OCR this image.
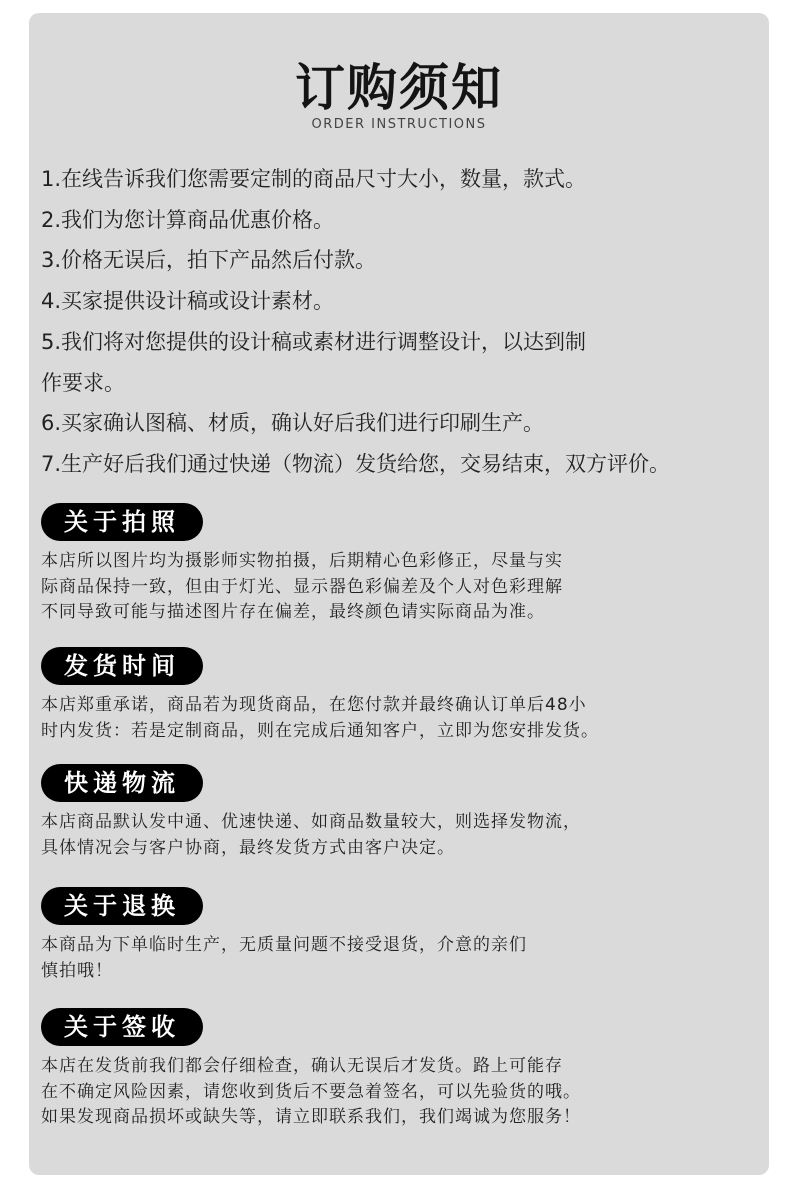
订购须知
ORDER INSTRUCTIONS
1.在线告诉我们您需要定制的商品尺寸大小，数量，款式。
2.我们为您计算商品优惠价格。
3.价格无误后，拍下产品然后付款。
4.买家提供设计稿或设计素材。
5.我们将对您提供的设计稿或素材进行调整设计，以达到制
作要求。
6.买家确认图稿、材质，确认好后我们进行印刷生产。
7.生产好后我们通过快递（物流）发货给您，交易结束，双方评价。
关于拍照
本店所以图片均为摄影师实物拍摄，后期精心色彩修正，尽量与实
际商品保持一致，但由于灯光、显示器色彩偏差及个人对色彩理解
不同导致可能与描述图片存在偏差，最终颜色请实际商品为准。
发货时间
本店郑重承诺，商品若为现货商品，在您付款并最终确认订单后48小
时内发货：若是定制商品，则在完成后通知客户，立即为您安排发货。
快递物流
本店商品默认发中通、优速快递、如商品数量较大，则选择发物流，
具体情况会与客户协商，最终发货方式由客户决定。
关于退换
本商品为下单临时生产，无质量问题不接受退货，介意的亲们
慎拍哦！
关于签收
本店在发货前我们都会仔细检查，确认无误后才发货。路上可能存
在不确定风险因素，请您收到货后不要急着签名，可以先验货的哦。
如果发现商品损坏或缺失等，请立即联系我们，我们竭诚为您服务！
